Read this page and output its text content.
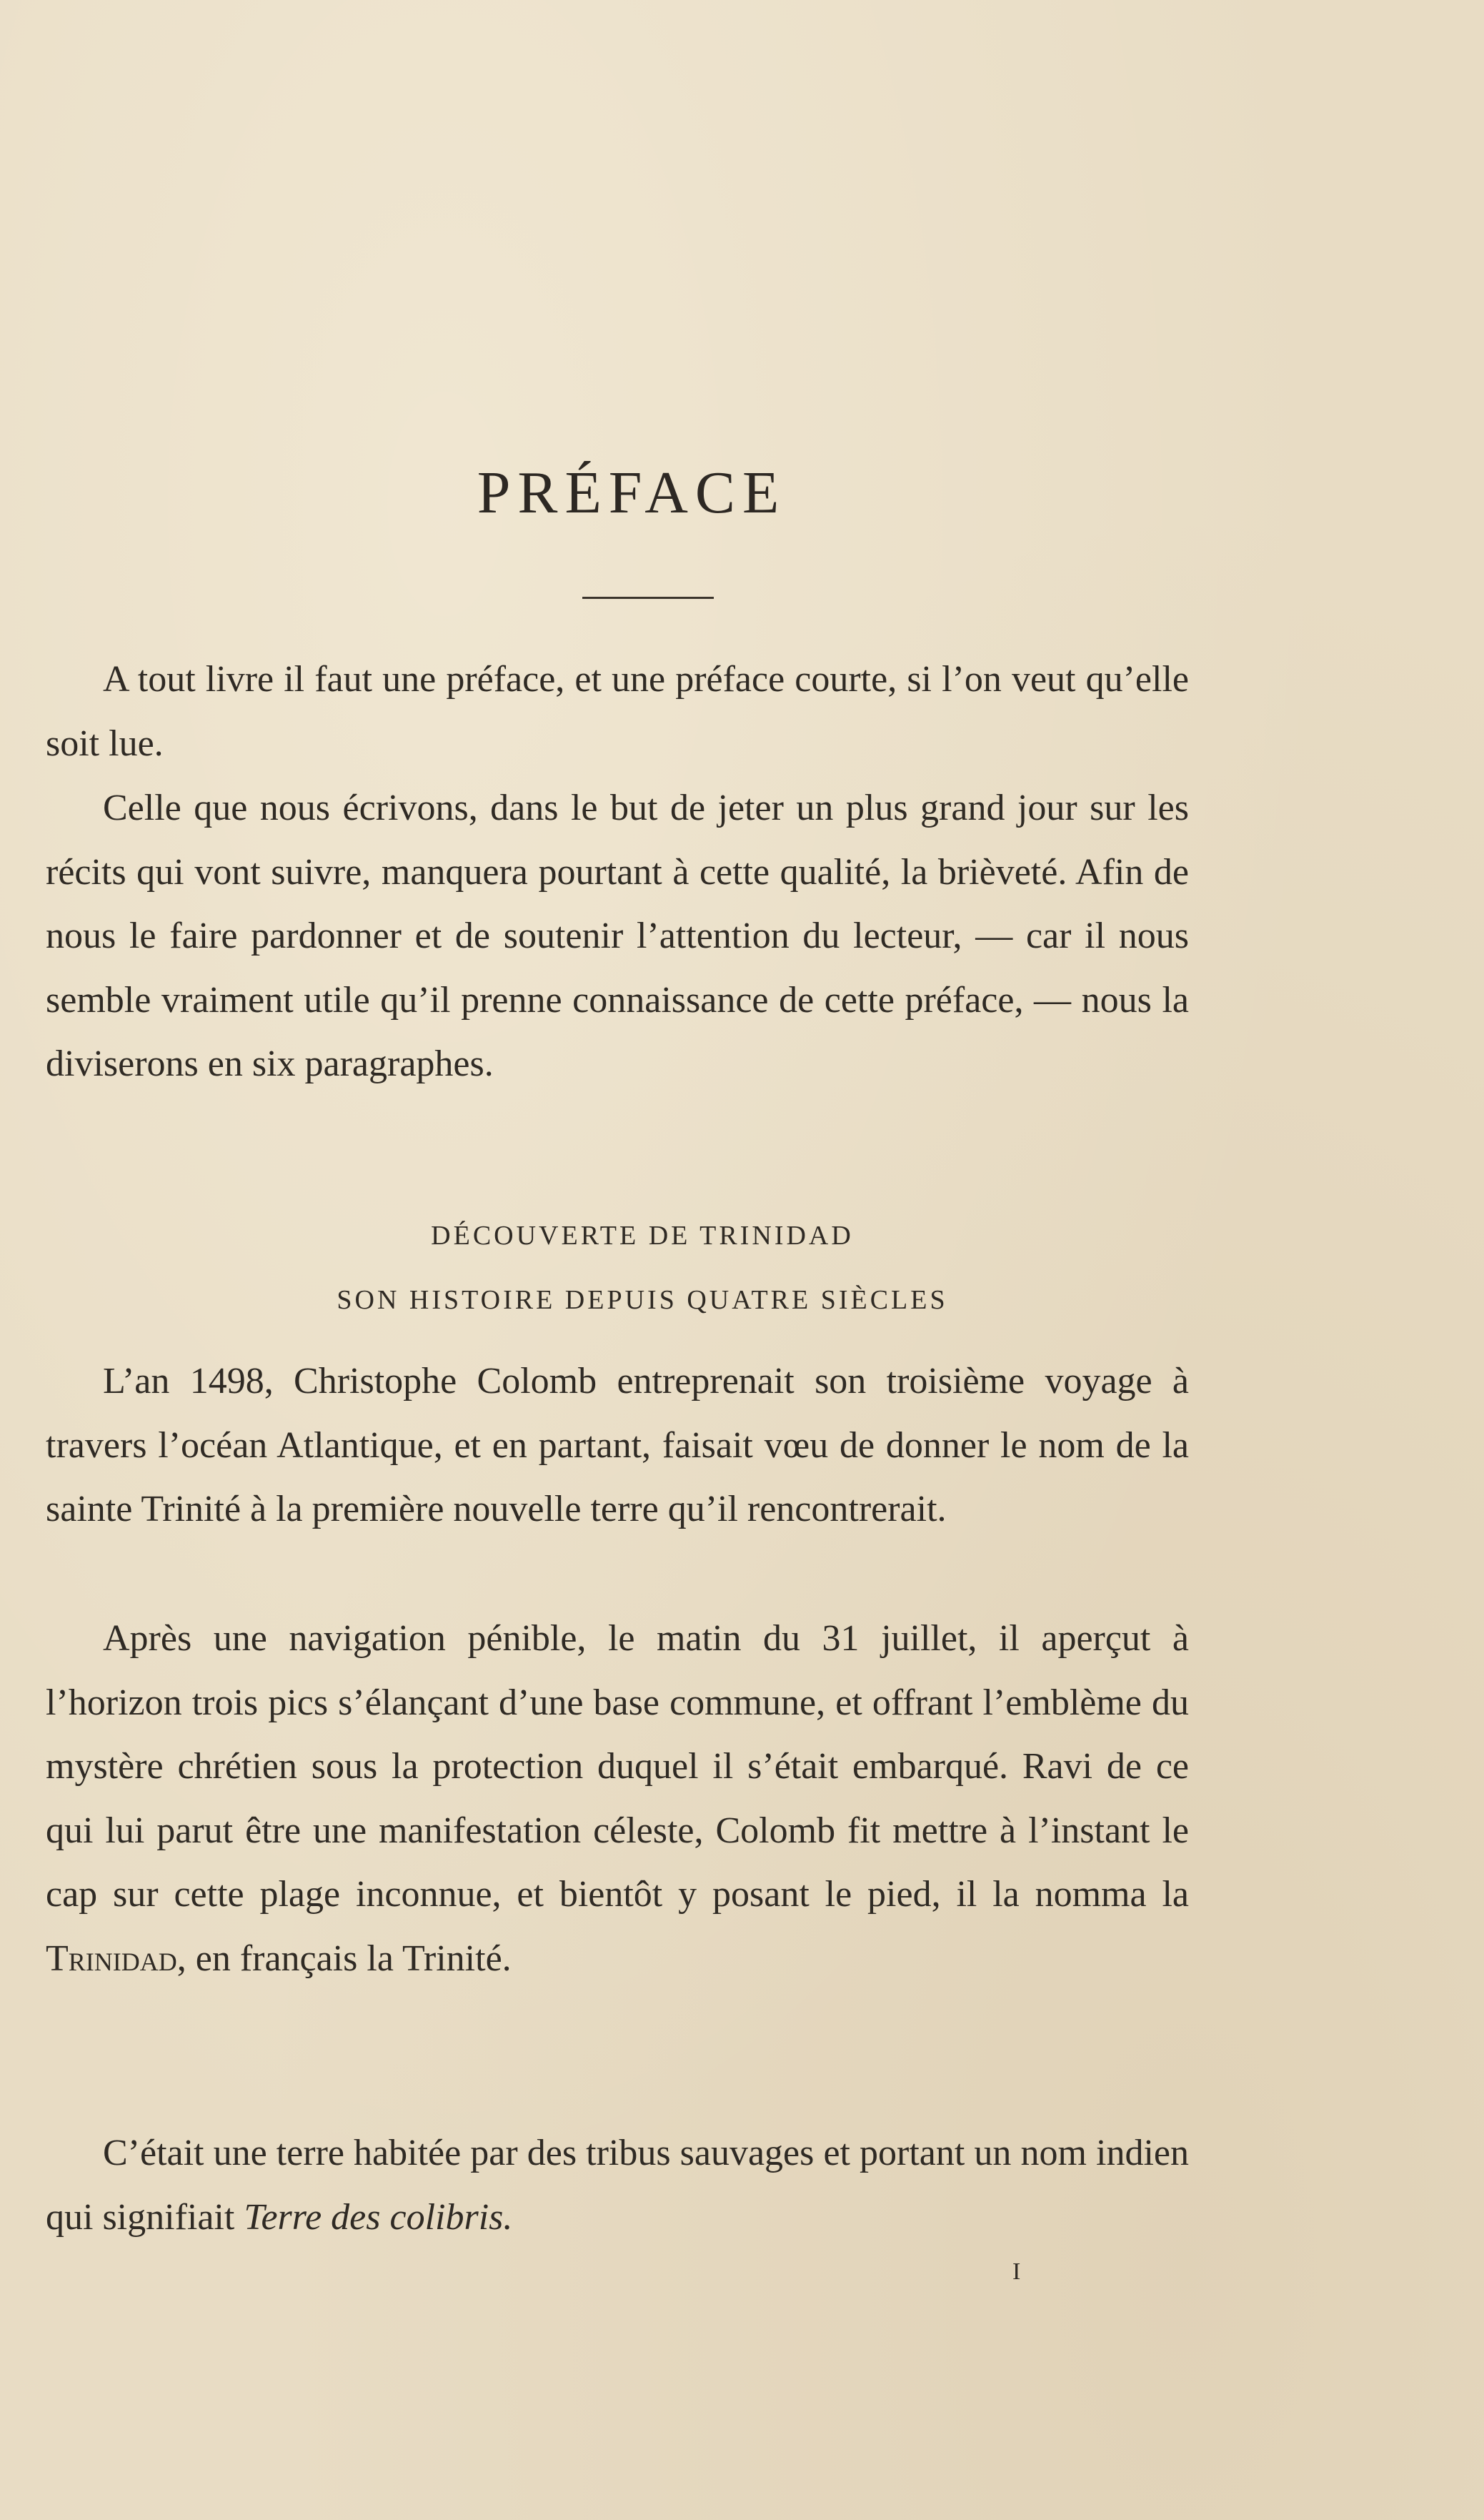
PRÉFACE

A tout livre il faut une préface, et une préface courte, si l’on veut qu’elle soit lue.

Celle que nous écrivons, dans le but de jeter un plus grand jour sur les récits qui vont suivre, manquera pourtant à cette qualité, la brièveté. Afin de nous le faire pardonner et de soutenir l’attention du lecteur, — car il nous semble vraiment utile qu’il prenne connaissance de cette préface, — nous la diviserons en six paragraphes.

DÉCOUVERTE DE TRINIDAD
SON HISTOIRE DEPUIS QUATRE SIÈCLES

L’an 1498, Christophe Colomb entreprenait son troisième voyage à travers l’océan Atlantique, et en partant, faisait vœu de donner le nom de la sainte Trinité à la première nouvelle terre qu’il rencontrerait.

Après une navigation pénible, le matin du 31 juillet, il aperçut à l’horizon trois pics s’élançant d’une base commune, et offrant l’emblème du mystère chrétien sous la protection duquel il s’était embarqué. Ravi de ce qui lui parut être une manifestation céleste, Colomb fit mettre à l’instant le cap sur cette plage inconnue, et bientôt y posant le pied, il la nomma la Trinidad, en français la Trinité.

C’était une terre habitée par des tribus sauvages et portant un nom indien qui signifiait Terre des colibris.

I
